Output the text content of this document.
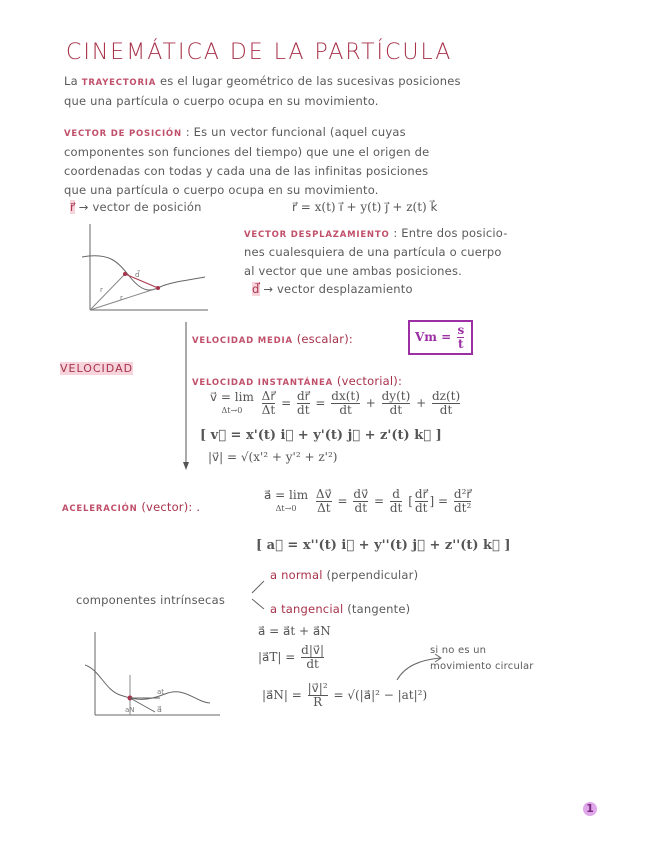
CINEMÁTICA DE LA PARTÍCULA
La TRAYECTORIA es el lugar geométrico de las sucesivas posiciones
que una partícula o cuerpo ocupa en su movimiento.
VECTOR DE POSICIÓN : Es un vector funcional (aquel cuyas
componentes son funciones del tiempo) que une el origen de
coordenadas con todas y cada una de las infinitas posiciones
que una partícula o cuerpo ocupa en su movimiento.
r⃗ → vector de posición	r⃗ = x(t) i⃗ + y(t) j⃗ + z(t) k⃗
r
r
d⃗
VECTOR DESPLAZAMIENTO : Entre dos posicio-
nes cualesquiera de una partícula o cuerpo
al vector que une ambas posiciones.
d⃗ → vector desplazamiento
VELOCIDAD
VELOCIDAD MEDIA (escalar):	$Vm = \frac{s}{t}$
VELOCIDAD INSTANTÁNEA (vectorial):
v⃗ = lim
Δt→0
	$\frac{\Delta r⃗}{\Delta t} = \frac{dr⃗}{dt} = \frac{dx(t)}{dt} + \frac{dy(t)}{dt} + \frac{dz(t)}{dt}$
[ v⃗ = x'(t) i⃗ + y'(t) j⃗ + z'(t) k⃗ ]
|v⃗| = √(x'² + y'² + z'²)
ACELERACIÓN (vector): .
a⃗ = lim
Δt→0
	$\frac{\Delta v⃗}{\Delta t} = \frac{dv⃗}{dt} = \frac{d}{dt}$ [ $\frac{dr⃗}{dt}$ ] = $\frac{\text{d²r⃗}}{\text{dt²}}$
[ a⃗ = x''(t) i⃗ + y''(t) j⃗ + z''(t) k⃗ ]
componentes intrínsecas
a normal (perpendicular)
a tangencial (tangente)
a⃗ = a⃗t + a⃗N
|a⃗T| = $\frac{d|v⃗|}{dt}$
|a⃗N| = $\frac{\text{|v⃗|²}}{R}$ = √(|a⃗|² − |at|²)
si no es un
movimiento circular
at
aN	a⃗
1
